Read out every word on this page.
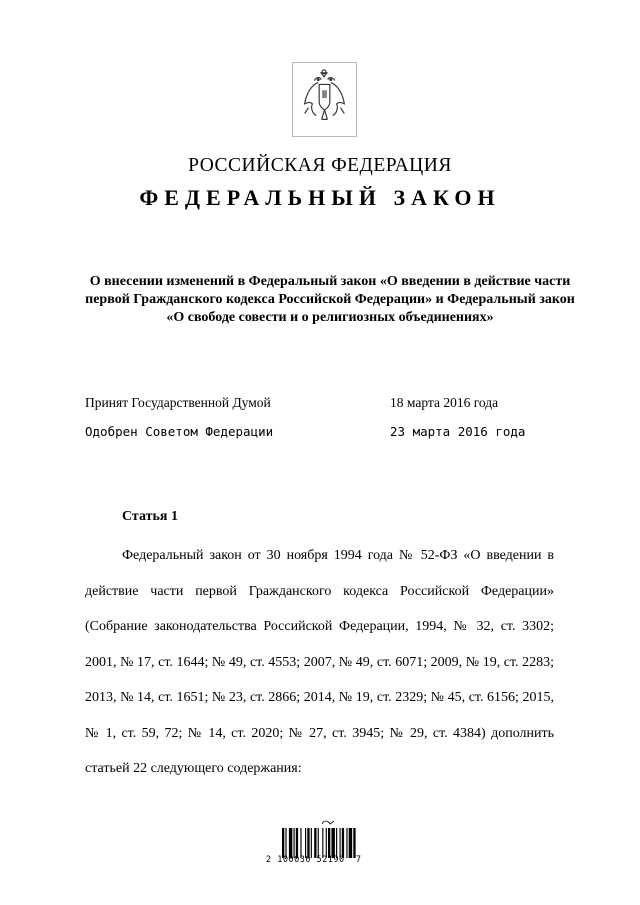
РОССИЙСКАЯ ФЕДЕРАЦИЯ
ФЕДЕРАЛЬНЫЙ ЗАКОН
О внесении изменений в Федеральный закон «О введении в действие части первой Гражданского кодекса Российской Федерации» и Федеральный закон «О свободе совести и о религиозных объединениях»
Принят Государственной Думой	18 марта 2016 года
Одобрен Советом Федерации	23 марта 2016 года
Статья 1
Федеральный закон от 30 ноября 1994 года № 52-ФЗ «О введении в действие части первой Гражданского кодекса Российской Федерации» (Собрание законодательства Российской Федерации, 1994, № 32, ст. 3302; 2001, № 17, ст. 1644; № 49, ст. 4553; 2007, № 49, ст. 6071; 2009, № 19, ст. 2283; 2013, № 14, ст. 1651; № 23, ст. 2866; 2014, № 19, ст. 2329; № 45, ст. 6156; 2015, № 1, ст. 59, 72; № 14, ст. 2020; № 27, ст. 3945; № 29, ст. 4384) дополнить статьей 22 следующего содержания:
2 100030 52190  7
